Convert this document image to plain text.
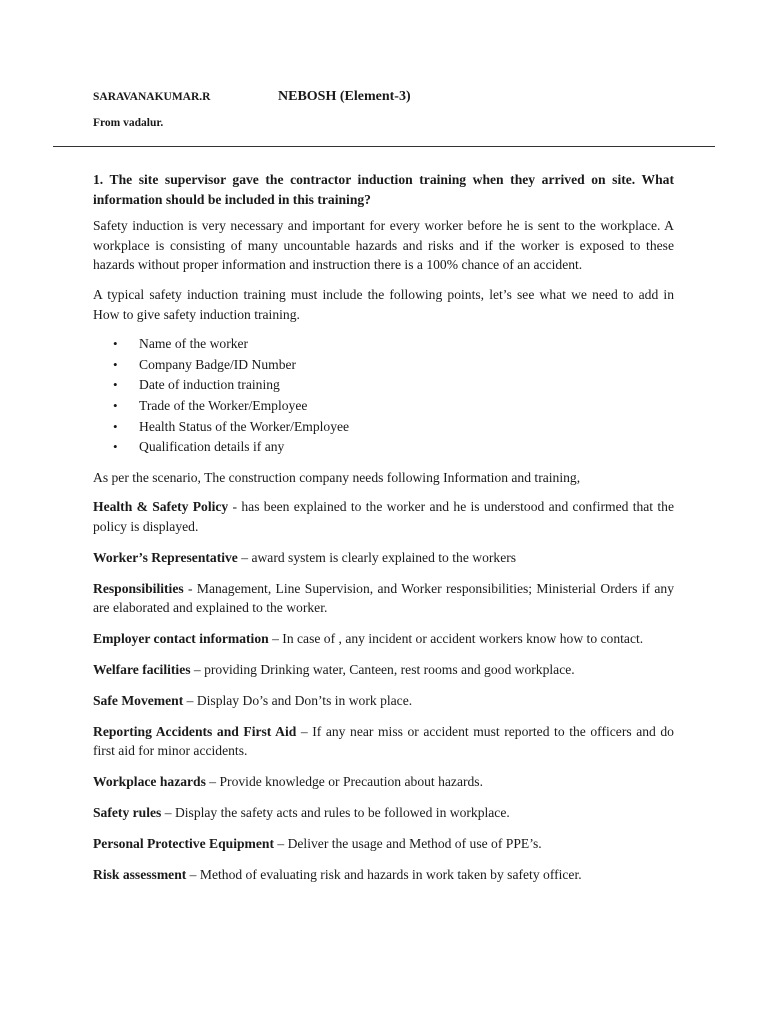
SARAVANAKUMAR.R	NEBOSH (Element-3)
From vadalur.

1. The site supervisor gave the contractor induction training when they arrived on site. What information should be included in this training?

Safety induction is very necessary and important for every worker before he is sent to the workplace. A workplace is consisting of many uncountable hazards and risks and if the worker is exposed to these hazards without proper information and instruction there is a 100% chance of an accident.

A typical safety induction training must include the following points, let’s see what we need to add in How to give safety induction training.

• Name of the worker
• Company Badge/ID Number
• Date of induction training
• Trade of the Worker/Employee
• Health Status of the Worker/Employee
• Qualification details if any

As per the scenario, The construction company needs following Information and training,

Health & Safety Policy - has been explained to the worker and he is understood and confirmed that the policy is displayed.

Worker’s Representative – award system is clearly explained to the workers

Responsibilities - Management, Line Supervision, and Worker responsibilities; Ministerial Orders if any are elaborated and explained to the worker.

Employer contact information – In case of , any incident or accident workers know how to contact.

Welfare facilities – providing Drinking water, Canteen, rest rooms and good workplace.

Safe Movement – Display Do’s and Don’ts in work place.

Reporting Accidents and First Aid – If any near miss or accident must reported to the officers and do first aid for minor accidents.

Workplace hazards – Provide knowledge or Precaution about hazards.

Safety rules – Display the safety acts and rules to be followed in workplace.

Personal Protective Equipment – Deliver the usage and Method of use of PPE’s.

Risk assessment – Method of evaluating risk and hazards in work taken by safety officer.
